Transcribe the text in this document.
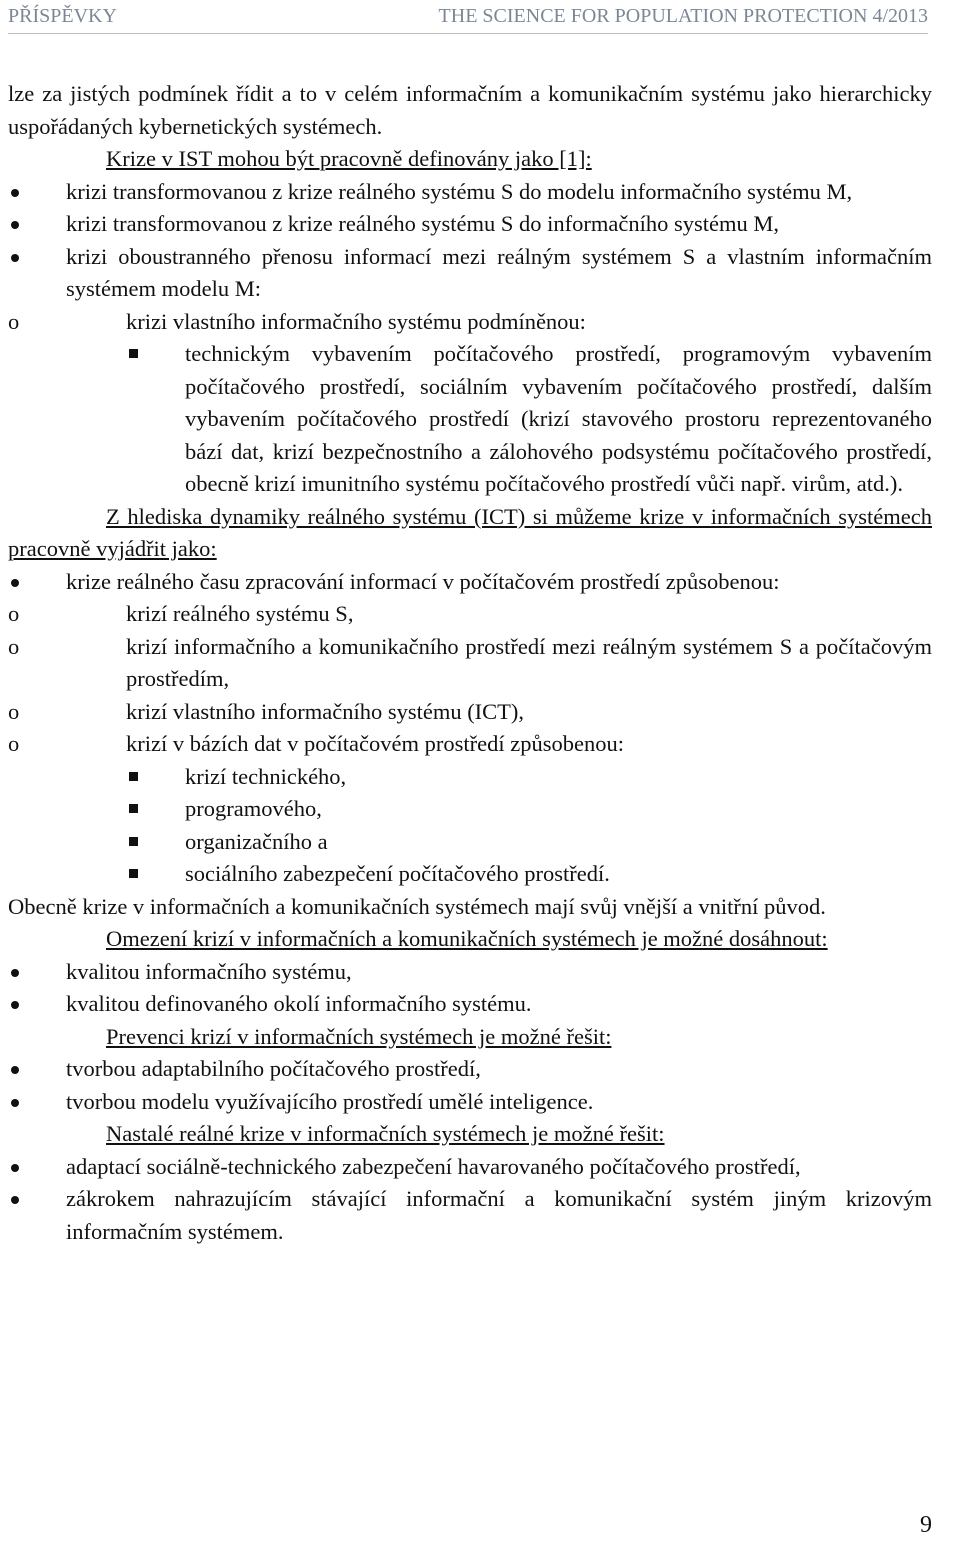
PŘÍSPĚVKY	THE SCIENCE FOR POPULATION PROTECTION 4/2013
lze za jistých podmínek řídit a to v celém informačním a komunikačním systému jako hierarchicky uspořádaných kybernetických systémech.
Krize v IST mohou být pracovně definovány jako [1]:
krizi transformovanou z krize reálného systému S do modelu informačního systému M,
krizi transformovanou z krize reálného systému S do informačního systému M,
krizi oboustranného přenosu informací mezi reálným systémem S a vlastním informačním systémem modelu M:
o	krizi vlastního informačního systému podmíněnou:
technickým vybavením počítačového prostředí, programovým vybavením počítačového prostředí, sociálním vybavením počítačového prostředí, dalším vybavením počítačového prostředí (krizí stavového prostoru reprezentovaného bází dat, krizí bezpečnostního a zálohového podsystému počítačového prostředí, obecně krizí imunitního systému počítačového prostředí vůči např. virům, atd.).
Z hlediska dynamiky reálného systému (ICT) si můžeme krize v informačních systémech pracovně vyjádřit jako:
krize reálného času zpracování informací v počítačovém prostředí způsobenou:
o	krizí reálného systému S,
o	krizí informačního a komunikačního prostředí mezi reálným systémem S a počítačovým prostředím,
o	krizí vlastního informačního systému (ICT),
o	krizí v bázích dat v počítačovém prostředí způsobenou:
krizí technického,
programového,
organizačního a
sociálního zabezpečení počítačového prostředí.
Obecně krize v informačních a komunikačních systémech mají svůj vnější a vnitřní původ.
Omezení krizí v informačních a komunikačních systémech je možné dosáhnout:
kvalitou informačního systému,
kvalitou definovaného okolí informačního systému.
Prevenci krizí v informačních systémech je možné řešit:
tvorbou adaptabilního počítačového prostředí,
tvorbou modelu využívajícího prostředí umělé inteligence.
Nastalé reálné krize v informačních systémech je možné řešit:
adaptací sociálně-technického zabezpečení havarovaného počítačového prostředí,
zákrokem nahrazujícím stávající informační a komunikační systém jiným krizovým informačním systémem.
9
